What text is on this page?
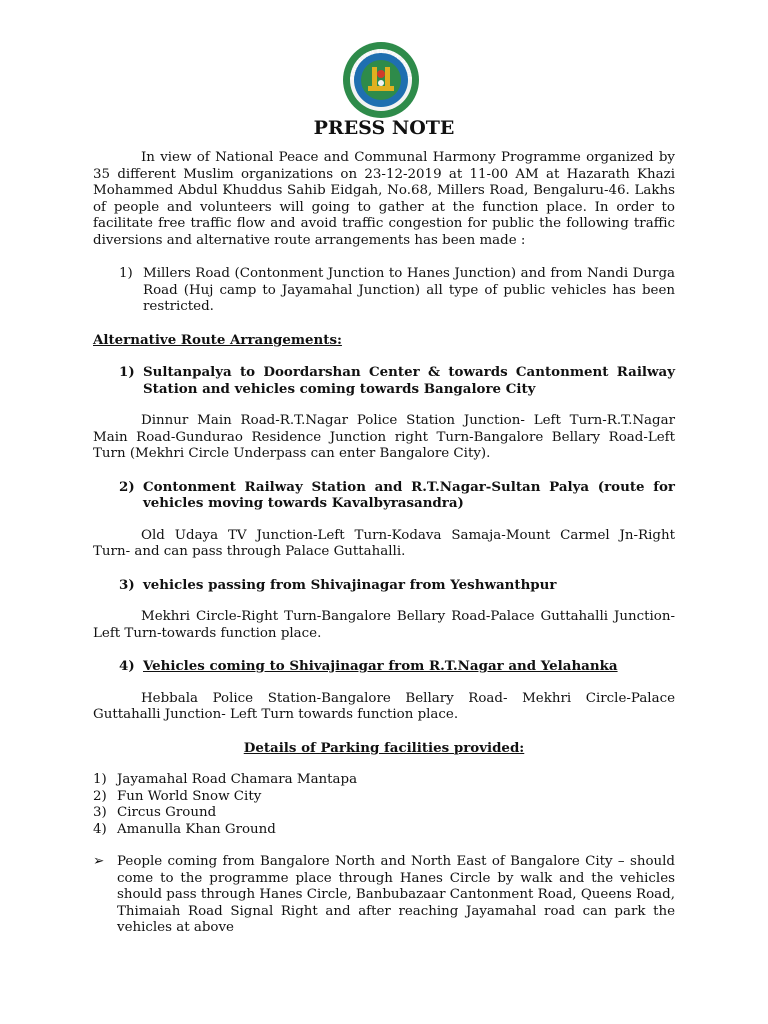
BENGALURU TRAFFIC POLICE
PRESS NOTE

In view of National Peace and Communal Harmony Programme organized by 35 different Muslim organizations on 23-12-2019 at 11-00 AM at Hazarath Khazi Mohammed Abdul Khuddus Sahib Eidgah, No.68, Millers Road, Bengaluru-46. Lakhs of people and volunteers will going to gather at the function place. In order to facilitate free traffic flow and avoid traffic congestion for public the following traffic diversions and alternative route arrangements has been made :

1) Millers Road (Contonment Junction to Hanes Junction) and from Nandi Durga Road (Huj camp to Jayamahal Junction) all type of public vehicles has been restricted.

Alternative Route Arrangements:

1) Sultanpalya to Doordarshan Center & towards Cantonment Railway Station and vehicles coming towards Bangalore City

Dinnur Main Road-R.T.Nagar Police Station Junction- Left Turn-R.T.Nagar Main Road-Gundurao Residence Junction right Turn-Bangalore Bellary Road-Left Turn (Mekhri Circle Underpass can enter Bangalore City).

2) Contonment Railway Station and R.T.Nagar-Sultan Palya (route for vehicles moving towards Kavalbyrasandra)

Old Udaya TV Junction-Left Turn-Kodava Samaja-Mount Carmel Jn-Right Turn- and can pass through Palace Guttahalli.

3) vehicles passing from Shivajinagar from Yeshwanthpur

Mekhri Circle-Right Turn-Bangalore Bellary Road-Palace Guttahalli Junction- Left Turn-towards function place.

4) Vehicles coming to Shivajinagar from R.T.Nagar and Yelahanka

Hebbala Police Station-Bangalore Bellary Road- Mekhri Circle-Palace Guttahalli Junction- Left Turn towards function place.

Details of Parking facilities provided:

1) Jayamahal Road Chamara Mantapa
2) Fun World Snow City
3) Circus Ground
4) Amanulla Khan Ground
➢ People coming from Bangalore North and North East of Bangalore City – should come to the programme place through Hanes Circle by walk and the vehicles should pass through Hanes Circle, Banbubazaar Cantonment Road, Queens Road, Thimaiah Road Signal Right and after reaching Jayamahal road can park the vehicles at above
